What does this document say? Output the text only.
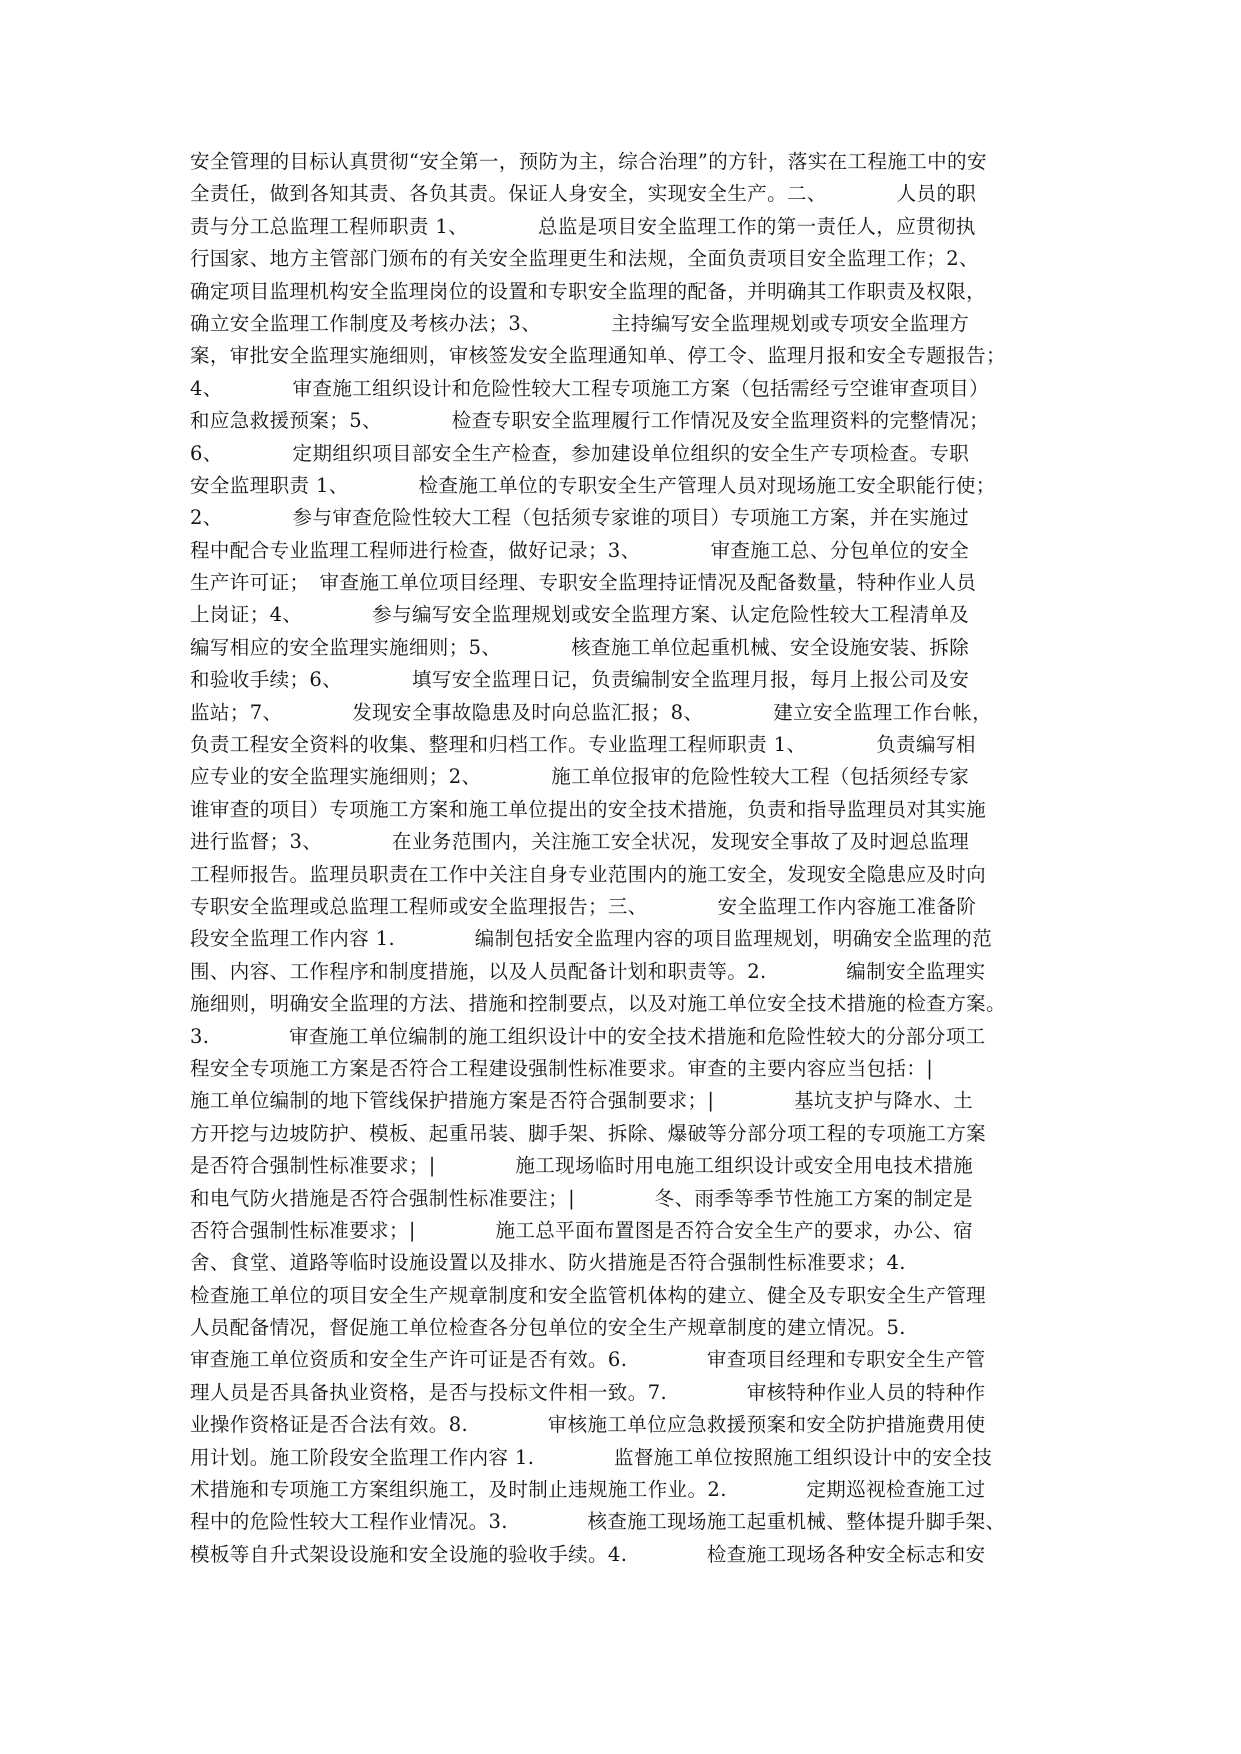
安全管理的目标认真贯彻“安全第一，预防为主，综合治理”的方针，落实在工程施工中的安
全责任，做到各知其责、各负其责。保证人身安全，实现安全生产。二、　　　　人员的职
责与分工总监理工程师职责 1、　　　　总监是项目安全监理工作的第一责任人，应贯彻执
行国家、地方主管部门颁布的有关安全监理更生和法规，全面负责项目安全监理工作；2、
确定项目监理机构安全监理岗位的设置和专职安全监理的配备，并明确其工作职责及权限，
确立安全监理工作制度及考核办法；3、　　　　主持编写安全监理规划或专项安全监理方
案，审批安全监理实施细则，审核签发安全监理通知单、停工令、监理月报和安全专题报告；
4、　　　　审查施工组织设计和危险性较大工程专项施工方案（包括需经亏空谁审查项目）
和应急救援预案；5、　　　　检查专职安全监理履行工作情况及安全监理资料的完整情况；
6、　　　　定期组织项目部安全生产检查，参加建设单位组织的安全生产专项检查。专职
安全监理职责 1、　　　　检查施工单位的专职安全生产管理人员对现场施工安全职能行使；
2、　　　　参与审查危险性较大工程（包括须专家谁的项目）专项施工方案，并在实施过
程中配合专业监理工程师进行检查，做好记录；3、　　　　审查施工总、分包单位的安全
生产许可证；　审查施工单位项目经理、专职安全监理持证情况及配备数量，特种作业人员
上岗证；4、　　　　参与编写安全监理规划或安全监理方案、认定危险性较大工程清单及
编写相应的安全监理实施细则；5、　　　　核查施工单位起重机械、安全设施安装、拆除
和验收手续；6、　　　　填写安全监理日记，负责编制安全监理月报，每月上报公司及安
监站；7、　　　　发现安全事故隐患及时向总监汇报；8、　　　　建立安全监理工作台帐，
负责工程安全资料的收集、整理和归档工作。专业监理工程师职责 1、　　　　负责编写相
应专业的安全监理实施细则；2、　　　　施工单位报审的危险性较大工程（包括须经专家
谁审查的项目）专项施工方案和施工单位提出的安全技术措施，负责和指导监理员对其实施
进行监督；3、　　　　在业务范围内，关注施工安全状况，发现安全事故了及时迥总监理
工程师报告。监理员职责在工作中关注自身专业范围内的施工安全，发现安全隐患应及时向
专职安全监理或总监理工程师或安全监理报告；三、　　　　安全监理工作内容施工准备阶
段安全监理工作内容 1.　　　　编制包括安全监理内容的项目监理规划，明确安全监理的范
围、内容、工作程序和制度措施，以及人员配备计划和职责等。2.　　　　编制安全监理实
施细则，明确安全监理的方法、措施和控制要点，以及对施工单位安全技术措施的检查方案。
3.　　　　审查施工单位编制的施工组织设计中的安全技术措施和危险性较大的分部分项工
程安全专项施工方案是否符合工程建设强制性标准要求。审查的主要内容应当包括：|
施工单位编制的地下管线保护措施方案是否符合强制要求；|　　　　基坑支护与降水、土
方开挖与边坡防护、模板、起重吊装、脚手架、拆除、爆破等分部分项工程的专项施工方案
是否符合强制性标准要求；|　　　　施工现场临时用电施工组织设计或安全用电技术措施
和电气防火措施是否符合强制性标准要注；|　　　　冬、雨季等季节性施工方案的制定是
否符合强制性标准要求；|　　　　施工总平面布置图是否符合安全生产的要求，办公、宿
舍、食堂、道路等临时设施设置以及排水、防火措施是否符合强制性标准要求；4.
检查施工单位的项目安全生产规章制度和安全监管机体构的建立、健全及专职安全生产管理
人员配备情况，督促施工单位检查各分包单位的安全生产规章制度的建立情况。5.
审查施工单位资质和安全生产许可证是否有效。6.　　　　审查项目经理和专职安全生产管
理人员是否具备执业资格，是否与投标文件相一致。7.　　　　审核特种作业人员的特种作
业操作资格证是否合法有效。8.　　　　审核施工单位应急救援预案和安全防护措施费用使
用计划。施工阶段安全监理工作内容 1.　　　　监督施工单位按照施工组织设计中的安全技
术措施和专项施工方案组织施工，及时制止违规施工作业。2.　　　　定期巡视检查施工过
程中的危险性较大工程作业情况。3.　　　　核查施工现场施工起重机械、整体提升脚手架、
模板等自升式架设设施和安全设施的验收手续。4.　　　　检查施工现场各种安全标志和安
